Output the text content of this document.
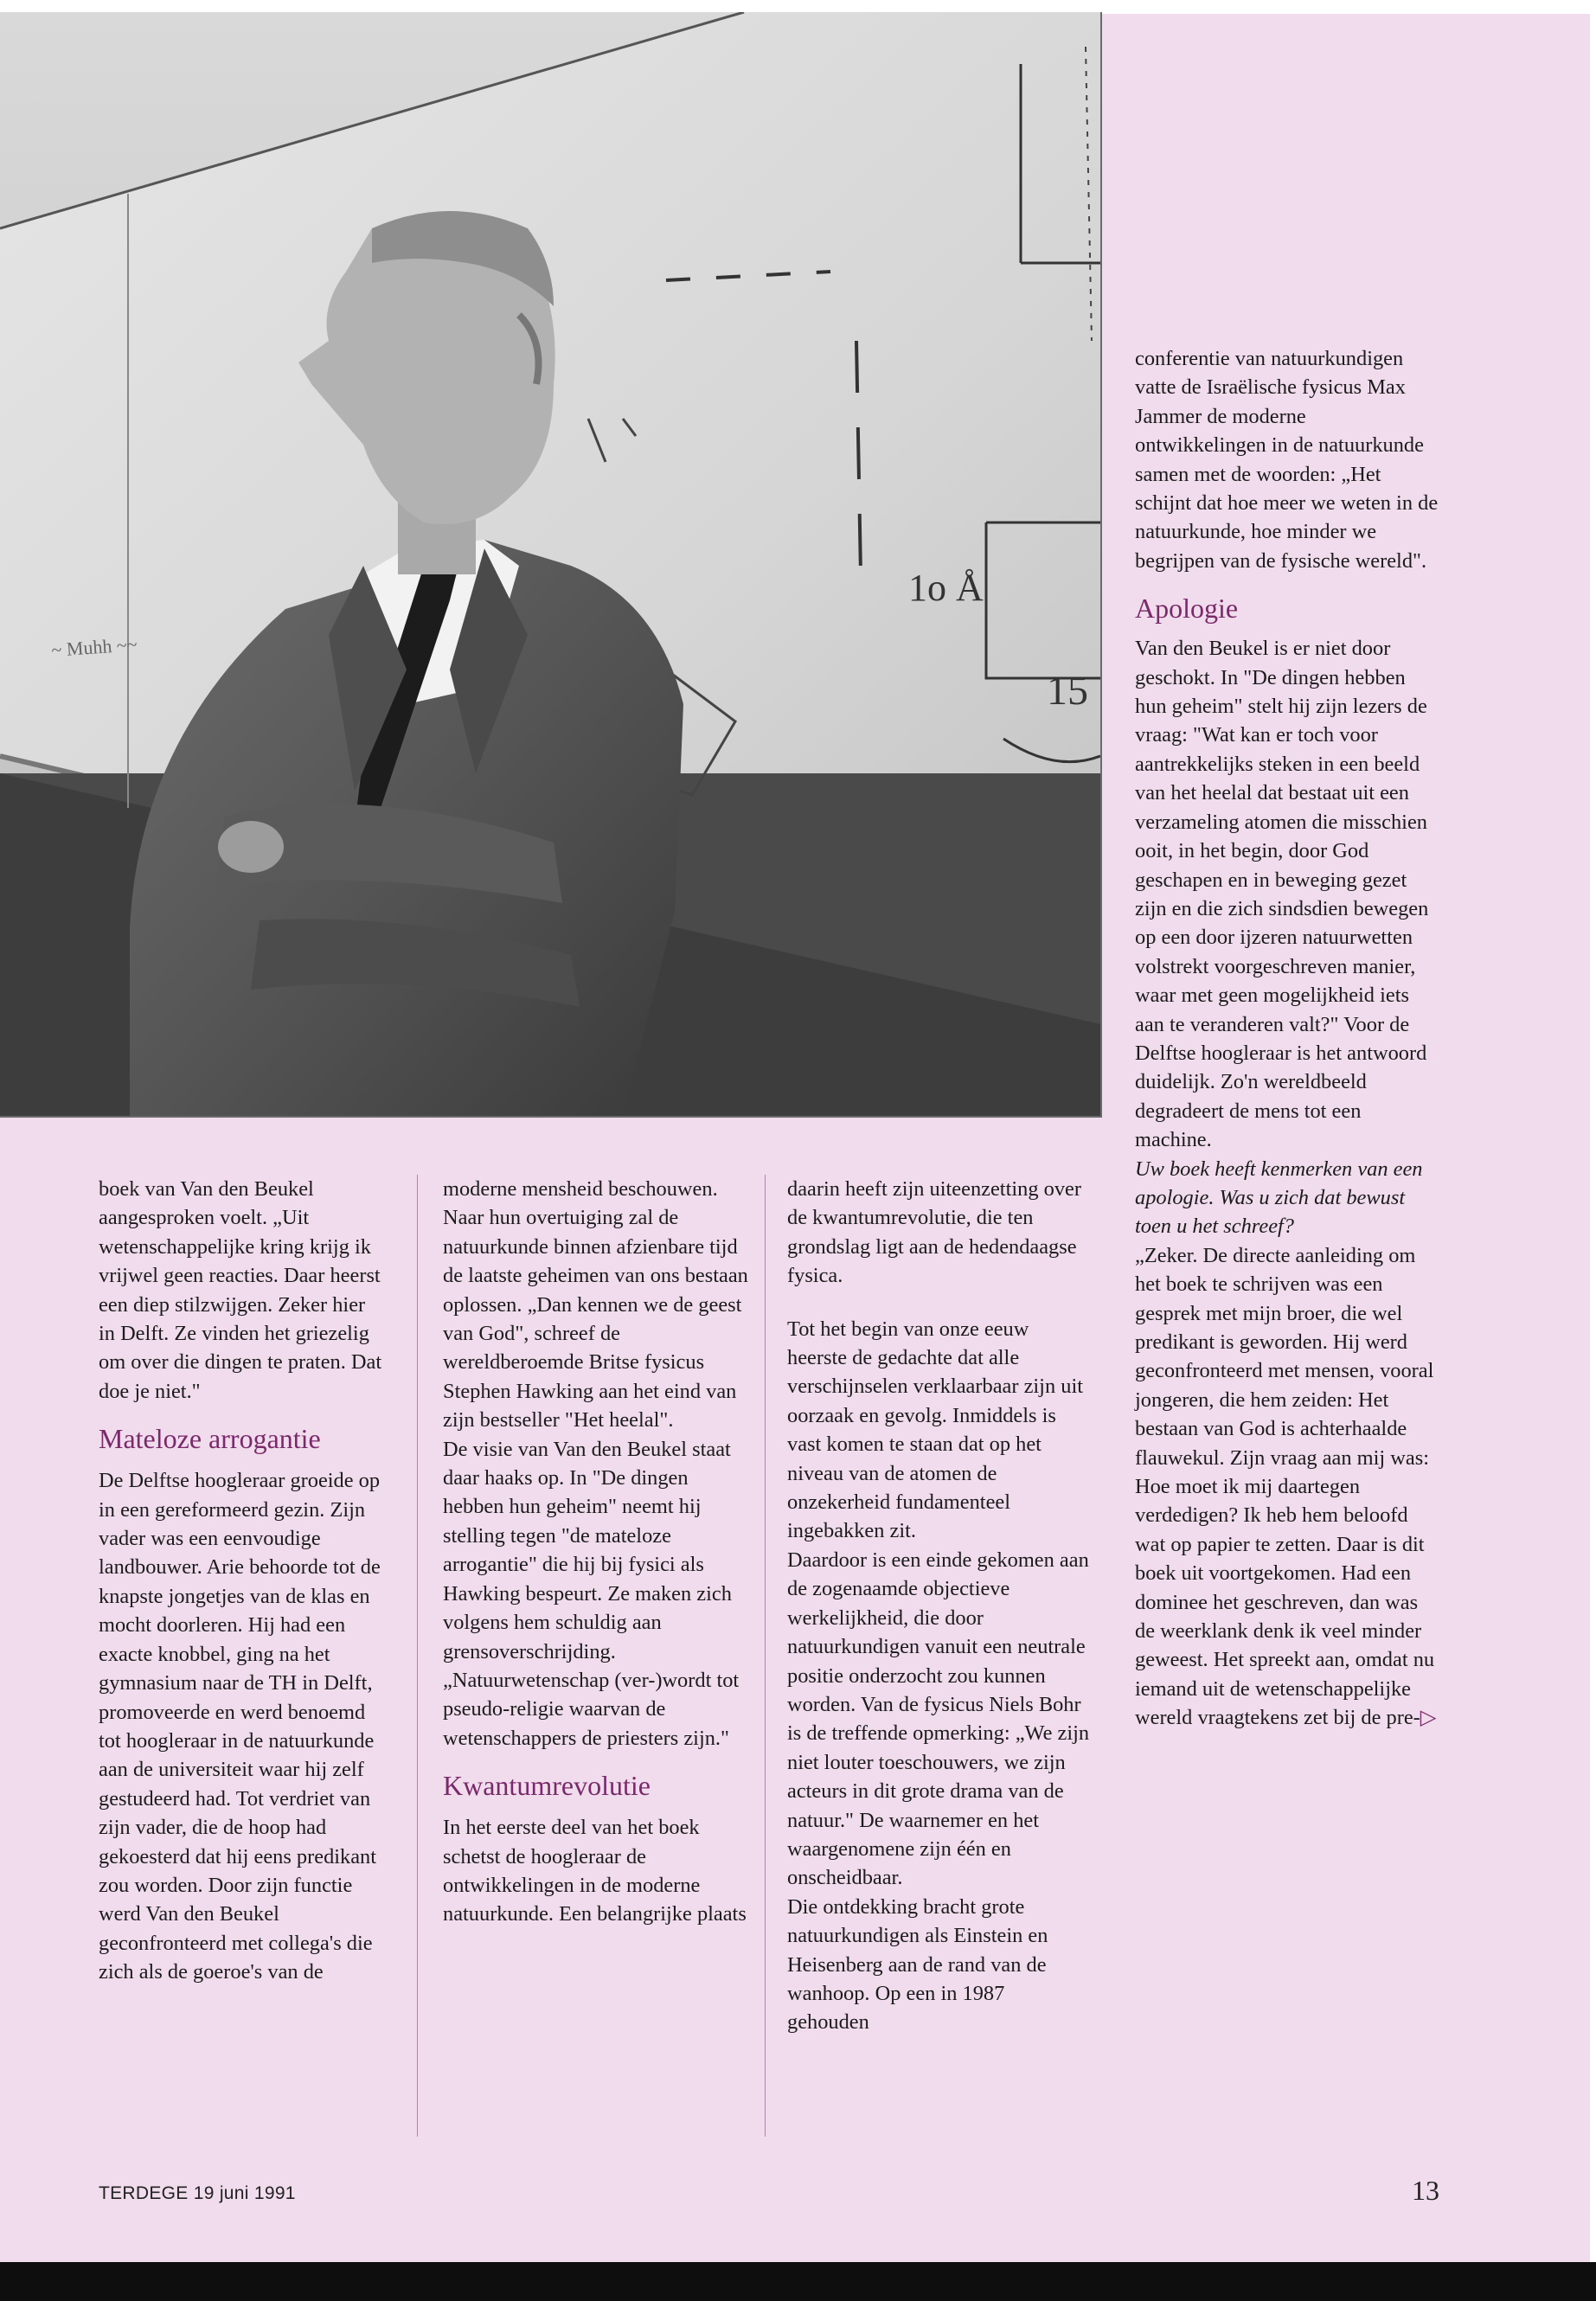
~ Muhh ~~
1o Å
15

boek van Van den Beukel aangesproken voelt. „Uit wetenschappelijke kring krijg ik vrijwel geen reacties. Daar heerst een diep stilzwijgen. Zeker hier in Delft. Ze vinden het griezelig om over die dingen te praten. Dat doe je niet."

Mateloze arrogantie

De Delftse hoogleraar groeide op in een gereformeerd gezin. Zijn vader was een eenvoudige landbouwer. Arie behoorde tot de knapste jongetjes van de klas en mocht doorleren. Hij had een exacte knobbel, ging na het gymnasium naar de TH in Delft, promoveerde en werd benoemd tot hoogleraar in de natuurkunde aan de universiteit waar hij zelf gestudeerd had. Tot verdriet van zijn vader, die de hoop had gekoesterd dat hij eens predikant zou worden. Door zijn functie werd Van den Beukel geconfronteerd met collega's die zich als de goeroe's van de

moderne mensheid beschouwen. Naar hun overtuiging zal de natuurkunde binnen afzienbare tijd de laatste geheimen van ons bestaan oplossen. „Dan kennen we de geest van God", schreef de wereldberoemde Britse fysicus Stephen Hawking aan het eind van zijn bestseller "Het heelal".

De visie van Van den Beukel staat daar haaks op. In "De dingen hebben hun geheim" neemt hij stelling tegen "de mateloze arrogantie" die hij bij fysici als Hawking bespeurt. Ze maken zich volgens hem schuldig aan grensoverschrijding. „Natuurwetenschap (ver-)wordt tot pseudo-religie waarvan de wetenschappers de priesters zijn."

Kwantumrevolutie

In het eerste deel van het boek schetst de hoogleraar de ontwikkelingen in de moderne natuurkunde. Een belangrijke plaats

daarin heeft zijn uiteenzetting over de kwantumrevolutie, die ten grondslag ligt aan de hedendaagse fysica.

Tot het begin van onze eeuw heerste de gedachte dat alle verschijnselen verklaarbaar zijn uit oorzaak en gevolg. Inmiddels is vast komen te staan dat op het niveau van de atomen de onzekerheid fundamenteel ingebakken zit.

Daardoor is een einde gekomen aan de zogenaamde objectieve werkelijkheid, die door natuurkundigen vanuit een neutrale positie onderzocht zou kunnen worden. Van de fysicus Niels Bohr is de treffende opmerking: „We zijn niet louter toeschouwers, we zijn acteurs in dit grote drama van de natuur." De waarnemer en het waargenomene zijn één en onscheidbaar.

Die ontdekking bracht grote natuurkundigen als Einstein en Heisenberg aan de rand van de wanhoop. Op een in 1987 gehouden

conferentie van natuurkundigen vatte de Israëlische fysicus Max Jammer de moderne ontwikkelingen in de natuurkunde samen met de woorden: „Het schijnt dat hoe meer we weten in de natuurkunde, hoe minder we begrijpen van de fysische wereld".

Apologie

Van den Beukel is er niet door geschokt. In "De dingen hebben hun geheim" stelt hij zijn lezers de vraag: "Wat kan er toch voor aantrekkelijks steken in een beeld van het heelal dat bestaat uit een verzameling atomen die misschien ooit, in het begin, door God geschapen en in beweging gezet zijn en die zich sindsdien bewegen op een door ijzeren natuurwetten volstrekt voorgeschreven manier, waar met geen mogelijkheid iets aan te veranderen valt?" Voor de Delftse hoogleraar is het antwoord duidelijk. Zo'n wereldbeeld degradeert de mens tot een machine.

Uw boek heeft kenmerken van een apologie. Was u zich dat bewust toen u het schreef?

„Zeker. De directe aanleiding om het boek te schrijven was een gesprek met mijn broer, die wel predikant is geworden. Hij werd geconfronteerd met mensen, vooral jongeren, die hem zeiden: Het bestaan van God is achterhaalde flauwekul. Zijn vraag aan mij was: Hoe moet ik mij daartegen verdedigen? Ik heb hem beloofd wat op papier te zetten. Daar is dit boek uit voortgekomen. Had een dominee het geschreven, dan was de weerklank denk ik veel minder geweest. Het spreekt aan, omdat nu iemand uit de wetenschappelijke wereld vraagtekens zet bij de pre-▷

TERDEGE 19 juni 1991	13
